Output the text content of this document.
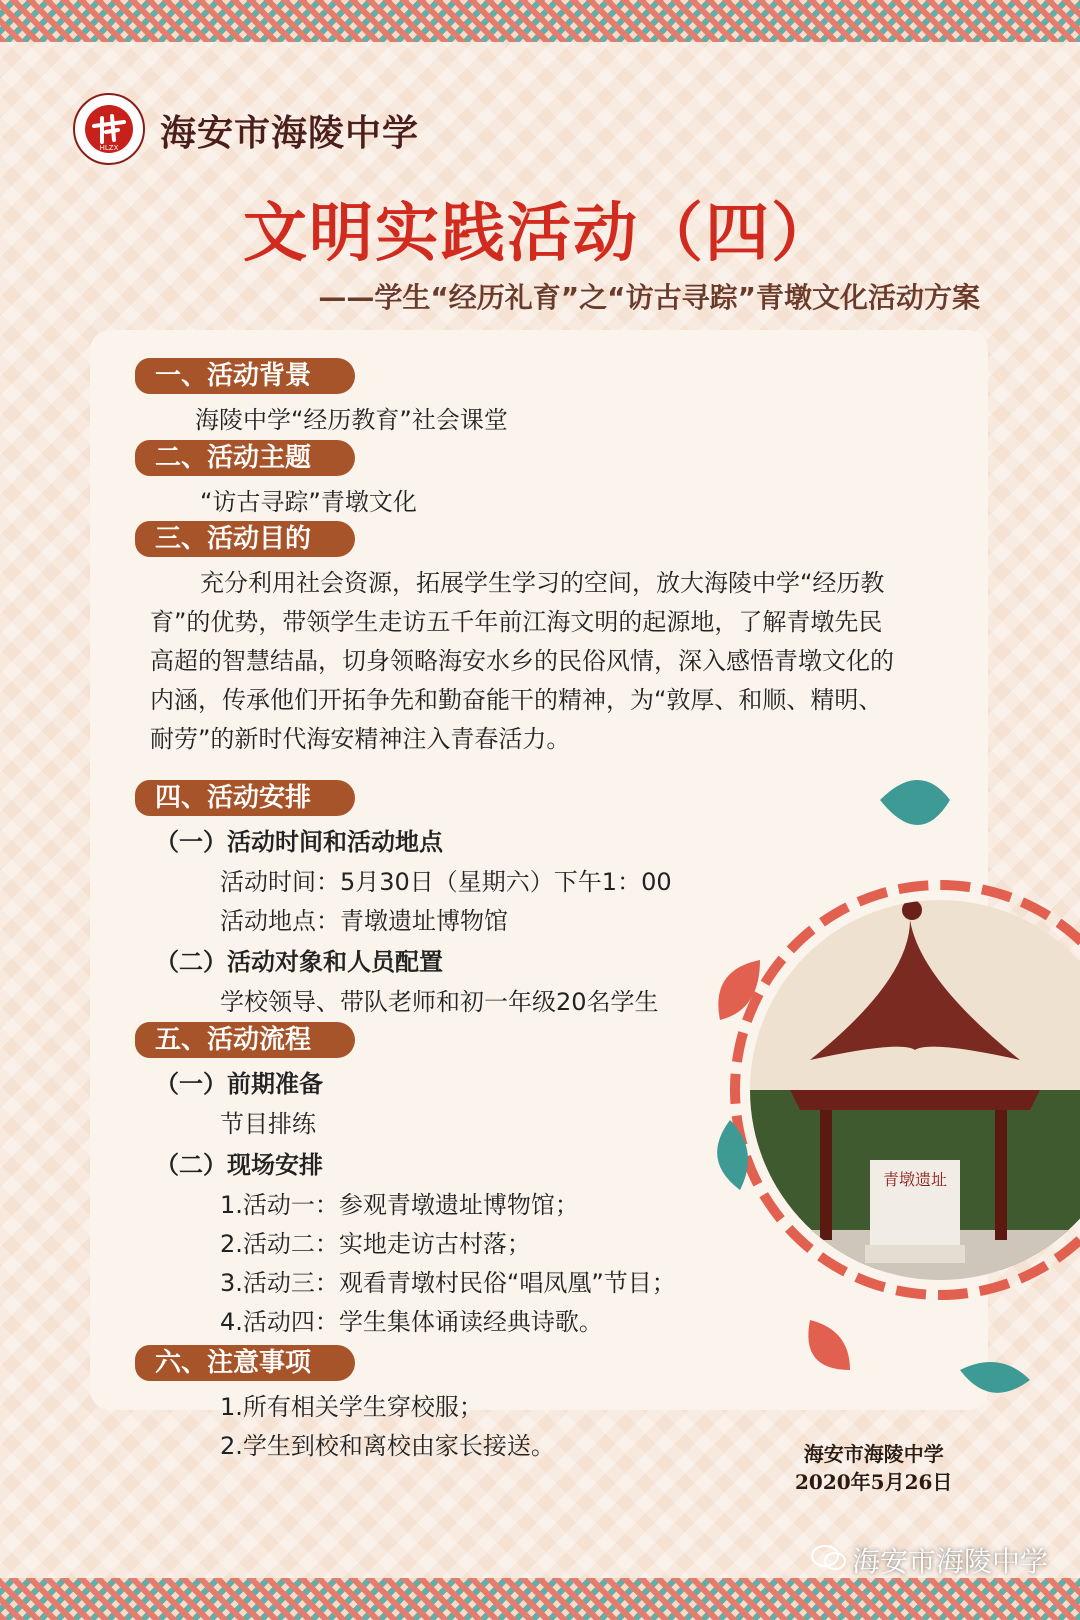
HLZX 海安市海陵中学
文明实践活动（四）
——学生“经历礼育”之“访古寻踪”青墩文化活动方案
一、活动背景
海陵中学“经历教育”社会课堂
二、活动主题
“访古寻踪”青墩文化
三、活动目的
充分利用社会资源，拓展学生学习的空间，放大海陵中学“经历教
育”的优势，带领学生走访五千年前江海文明的起源地，了解青墩先民
高超的智慧结晶，切身领略海安水乡的民俗风情，深入感悟青墩文化的
内涵，传承他们开拓争先和勤奋能干的精神，为“敦厚、和顺、精明、
耐劳”的新时代海安精神注入青春活力。
四、活动安排
（一）活动时间和活动地点
活动时间：5月30日（星期六）下午1：00
活动地点：青墩遗址博物馆
（二）活动对象和人员配置
学校领导、带队老师和初一年级20名学生
五、活动流程
（一）前期准备
节目排练
（二）现场安排
1.活动一：参观青墩遗址博物馆；
2.活动二：实地走访古村落；
3.活动三：观看青墩村民俗“唱凤凰”节目；
4.活动四：学生集体诵读经典诗歌。
六、注意事项
1.所有相关学生穿校服；
2.学生到校和离校由家长接送。
青墩遗址
海安市海陵中学
2020年5月26日
海安市海陵中学
